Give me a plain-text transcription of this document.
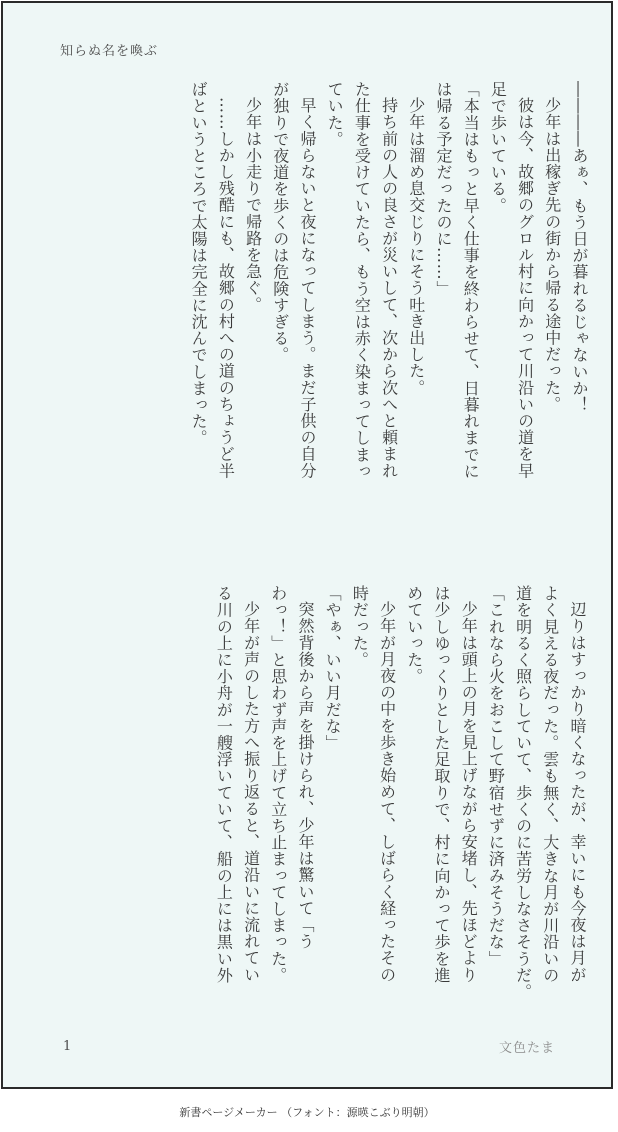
知らぬ名を喚ぶ

――――あぁ、もう日が暮れるじゃないか！

少年は出稼ぎ先の街から帰る途中だった。

彼は今、故郷のグロル村に向かって川沿いの道を早

足で歩いている。

「本当はもっと早く仕事を終わらせて、日暮れまでに

は帰る予定だったのに……」

少年は溜め息交じりにそう吐き出した。

持ち前の人の良さが災いして、次から次へと頼まれ

た仕事を受けていたら、もう空は赤く染まってしまっ

ていた。

早く帰らないと夜になってしまう。まだ子供の自分

が独りで夜道を歩くのは危険すぎる。

少年は小走りで帰路を急ぐ。

……しかし残酷にも、故郷の村への道のちょうど半

ばというところで太陽は完全に沈んでしまった。

辺りはすっかり暗くなったが、幸いにも今夜は月が

よく見える夜だった。雲も無く、大きな月が川沿いの

道を明るく照らしていて、歩くのに苦労しなさそうだ。

「これなら火をおこして野宿せずに済みそうだな」

少年は頭上の月を見上げながら安堵し、先ほどより

は少しゆっくりとした足取りで、村に向かって歩を進

めていった。

少年が月夜の中を歩き始めて、しばらく経ったその

時だった。

「やぁ、いい月だな」

突然背後から声を掛けられ、少年は驚いて「う

わっ！」と思わず声を上げて立ち止まってしまった。

少年が声のした方へ振り返ると、道沿いに流れてい

る川の上に小舟が一艘浮いていて、船の上には黒い外

1	文色たま
新書ページメーカー （フォント：源暎こぶり明朝）
